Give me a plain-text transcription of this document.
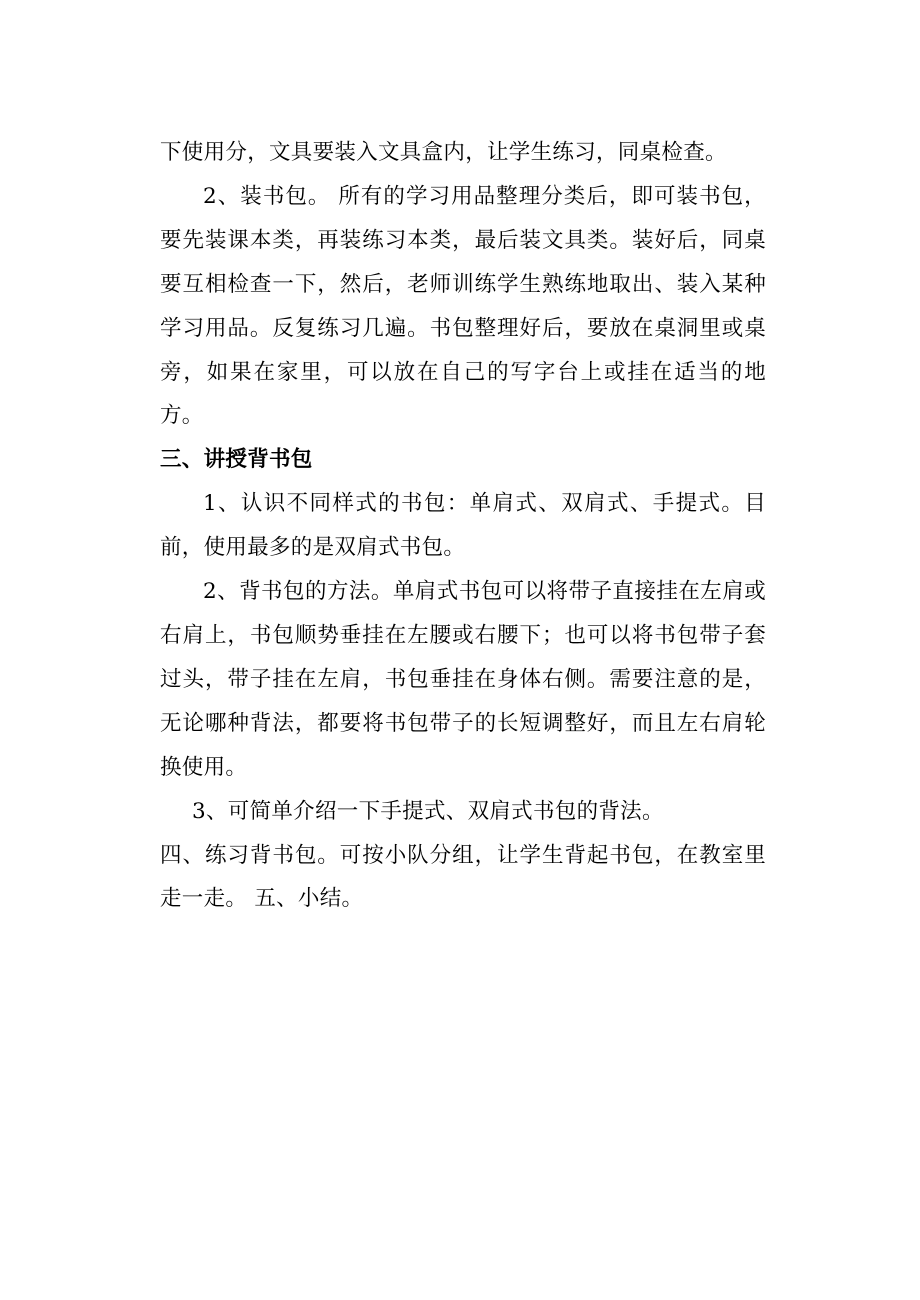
下使用分，文具要装入文具盒内，让学生练习，同桌检查。

2、装书包。 所有的学习用品整理分类后，即可装书包，要先装课本类，再装练习本类，最后装文具类。装好后，同桌要互相检查一下，然后，老师训练学生熟练地取出、装入某种学习用品。反复练习几遍。书包整理好后，要放在桌洞里或桌旁，如果在家里，可以放在自己的写字台上或挂在适当的地方。

三、讲授背书包

1、认识不同样式的书包：单肩式、双肩式、手提式。目前，使用最多的是双肩式书包。

2、背书包的方法。单肩式书包可以将带子直接挂在左肩或右肩上，书包顺势垂挂在左腰或右腰下；也可以将书包带子套过头，带子挂在左肩，书包垂挂在身体右侧。需要注意的是，无论哪种背法，都要将书包带子的长短调整好，而且左右肩轮换使用。

3、可简单介绍一下手提式、双肩式书包的背法。

四、练习背书包。可按小队分组，让学生背起书包，在教室里走一走。 五、小结。
